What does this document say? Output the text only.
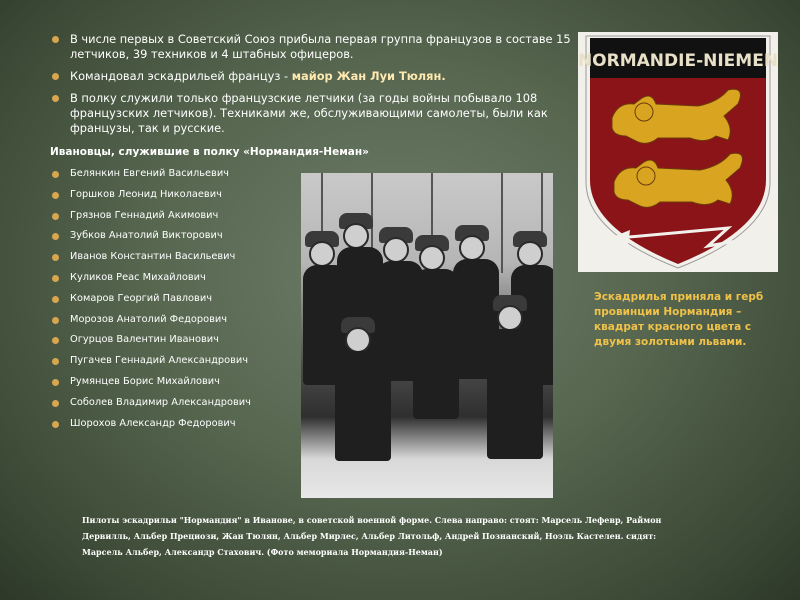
В числе первых в Советский Союз прибыла первая группа французов в составе 15 летчиков, 39 техников и 4 штабных офицеров.
Командовал эскадрильей француз - майор Жан Луи Тюлян.
В полку служили только французские летчики (за годы войны побывало 108 французских летчиков). Техниками же, обслуживающими самолеты, были как французы, так и русские.
Ивановцы, служившие в полку «Нормандия-Неман»
Белянкин Евгений Васильевич
Горшков Леонид Николаевич
Грязнов Геннадий Акимович
Зубков Анатолий Викторович
Иванов Константин Васильевич
Куликов Реас Михайлович
Комаров Георгий Павлович
Морозов Анатолий Федорович
Огурцов Валентин Иванович
Пугачев Геннадий Александрович
Румянцев Борис Михайлович
Соболев Владимир Александрович
Шорохов Александр Федорович
Пилоты эскадрильи "Нормандия" в Иванове, в советской военной форме. Слева направо: стоят: Марсель Лефевр, Раймон Дервилль, Альбер Прециози, Жан Тюлян, Альбер Мирлес, Альбер Литольф, Андрей Познанский, Ноэль Кастелен. сидят: Марсель Альбер, Александр Стахович. (Фото мемориала Нормандия-Неман)
NORMANDIE-NIEMEN
Эскадрилья приняла и герб провинции Нормандия – квадрат красного цвета с двумя золотыми львами.
